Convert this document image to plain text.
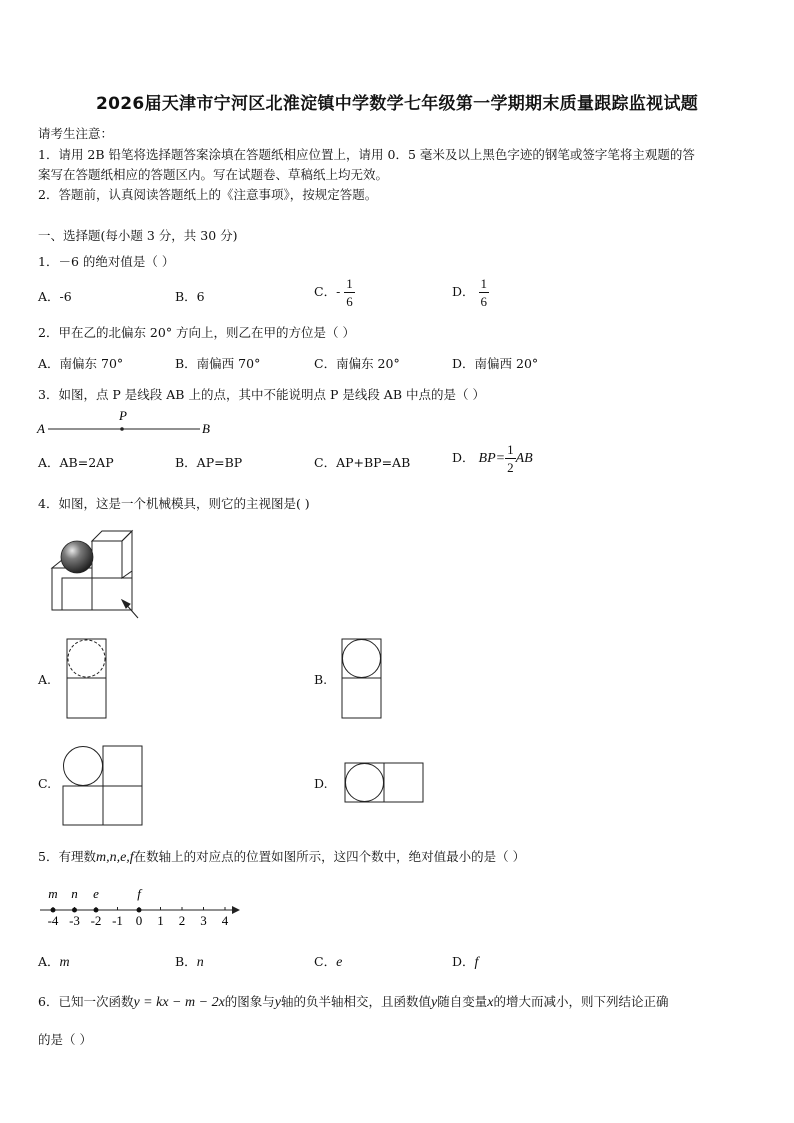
2026届天津市宁河区北淮淀镇中学数学七年级第一学期期末质量跟踪监视试题
请考生注意：
1．请用 2B 铅笔将选择题答案涂填在答题纸相应位置上，请用 0．5 毫米及以上黑色字迹的钢笔或签字笔将主观题的答
案写在答题纸相应的答题区内。写在试题卷、草稿纸上均无效。
2．答题前，认真阅读答题纸上的《注意事项》，按规定答题。
一、选择题(每小题 3 分，共 30 分)
1．－6 的绝对值是（ ）
A．-6	B．6	C．- $\frac{1}{6}$	D． $\frac{1}{6}$
2．甲在乙的北偏东 20° 方向上，则乙在甲的方位是（ ）
A．南偏东 70°	B．南偏西 70°	C．南偏东 20°	D．南偏西 20°
3．如图，点 P 是线段 AB 上的点，其中不能说明点 P 是线段 AB 中点的是（ ）
A
P
B
A．AB=2AP	B．AP=BP	C．AP+BP=AB	D． $BP= \frac{1}{2}$ AB
4．如图，这是一个机械模具，则它的主视图是( )
A.	B.
C.	D.
5．有理数m,n,e,f在数轴上的对应点的位置如图所示，这四个数中，绝对值最小的是（ ）
-4 -3 -2 -1 0 1 2 3 4
m n e	f
A．m	B．n	C．e	D．f
6．已知一次函数y = kx − m − 2x的图象与y轴的负半轴相交，且函数值y随自变量x的增大而减小，则下列结论正确
的是（ ）
